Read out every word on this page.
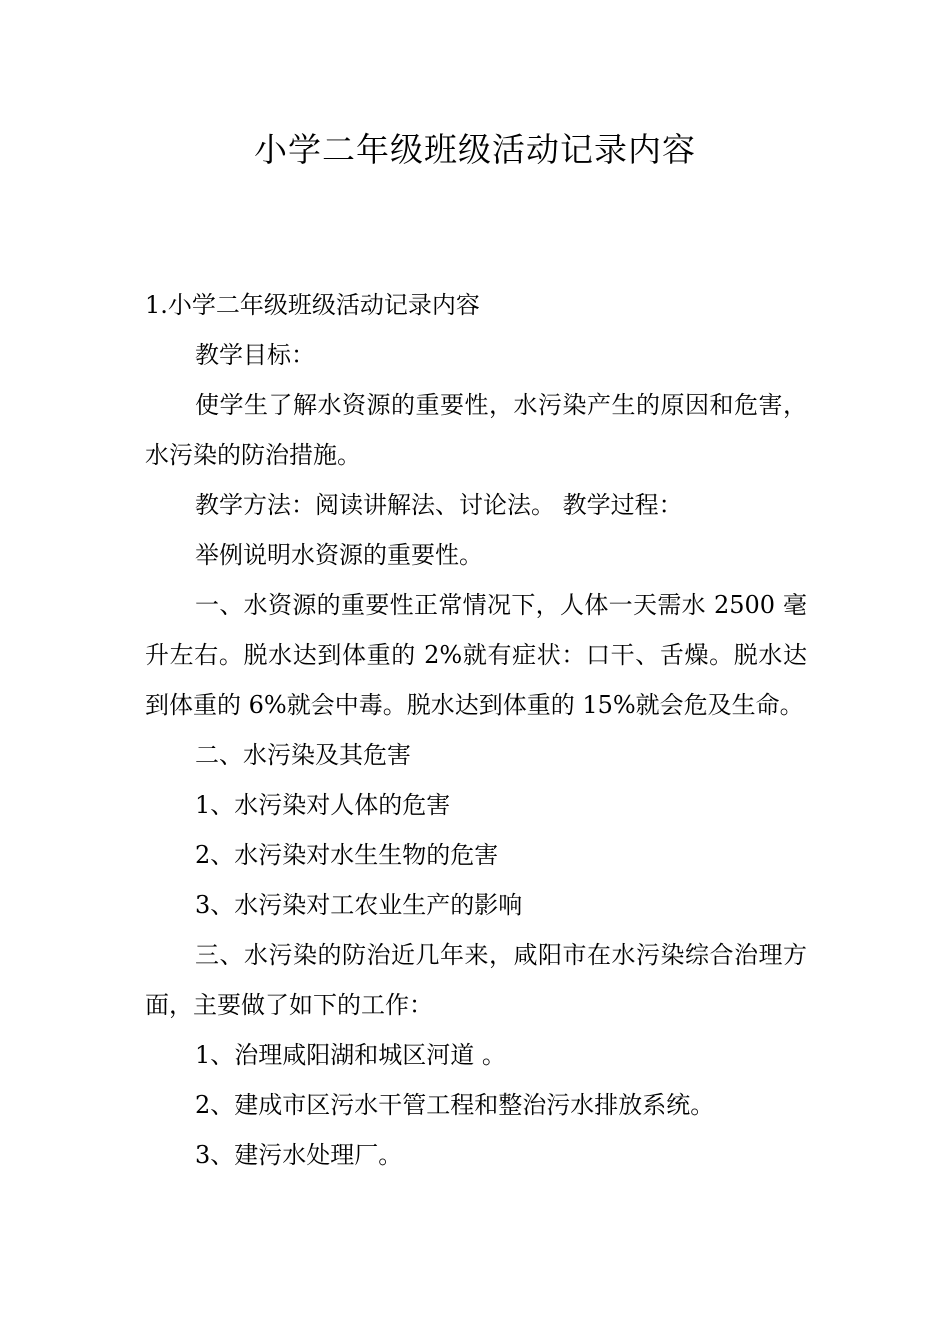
小学二年级班级活动记录内容

1.小学二年级班级活动记录内容

教学目标：

使学生了解水资源的重要性，水污染产生的原因和危害，水污染的防治措施。

教学方法：阅读讲解法、讨论法。 教学过程：

举例说明水资源的重要性。

一、水资源的重要性正常情况下，人体一天需水 2500 毫升左右。脱水达到体重的 2%就有症状：口干、舌燥。脱水达到体重的 6%就会中毒。脱水达到体重的 15%就会危及生命。

二、水污染及其危害

1、水污染对人体的危害

2、水污染对水生生物的危害

3、水污染对工农业生产的影响

三、水污染的防治近几年来，咸阳市在水污染综合治理方面，主要做了如下的工作：

1、治理咸阳湖和城区河道 。

2、建成市区污水干管工程和整治污水排放系统。

3、建污水处理厂。
